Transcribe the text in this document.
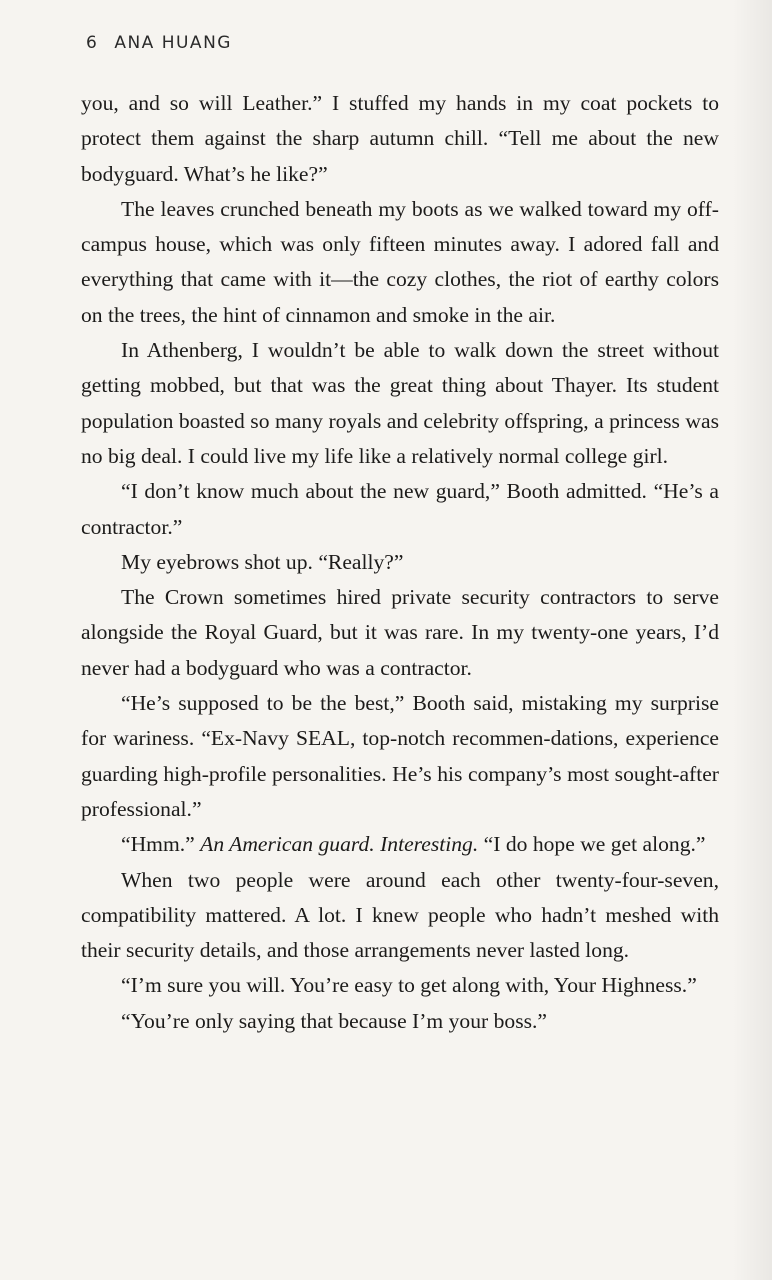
6 ANA HUANG

you, and so will Leather.” I stuffed my hands in my coat pockets to protect them against the sharp autumn chill. “Tell me about the new bodyguard. What’s he like?”

The leaves crunched beneath my boots as we walked toward my off-campus house, which was only fifteen minutes away. I adored fall and everything that came with it—the cozy clothes, the riot of earthy colors on the trees, the hint of cinnamon and smoke in the air.

In Athenberg, I wouldn’t be able to walk down the street without getting mobbed, but that was the great thing about Thayer. Its student population boasted so many royals and celebrity offspring, a princess was no big deal. I could live my life like a relatively normal college girl.

“I don’t know much about the new guard,” Booth admitted. “He’s a contractor.”

My eyebrows shot up. “Really?”

The Crown sometimes hired private security contractors to serve alongside the Royal Guard, but it was rare. In my twenty-one years, I’d never had a bodyguard who was a contractor.

“He’s supposed to be the best,” Booth said, mistaking my surprise for wariness. “Ex-Navy SEAL, top-notch recommen-dations, experience guarding high-profile personalities. He’s his company’s most sought-after professional.”

“Hmm.” An American guard. Interesting. “I do hope we get along.”

When two people were around each other twenty-four-seven, compatibility mattered. A lot. I knew people who hadn’t meshed with their security details, and those arrangements never lasted long.

“I’m sure you will. You’re easy to get along with, Your Highness.”

“You’re only saying that because I’m your boss.”
